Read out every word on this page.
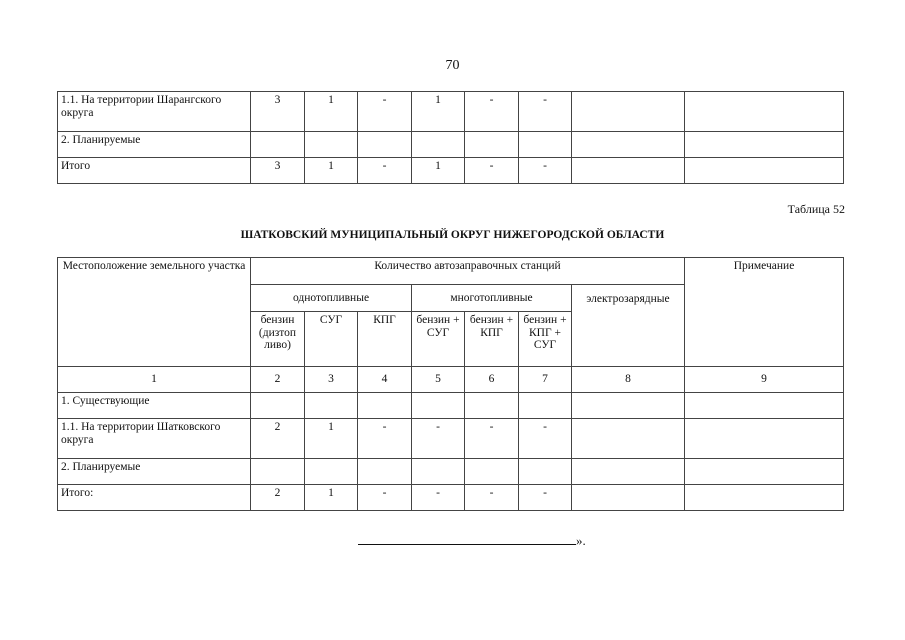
70
1.1. На территории Шарангского округа	3	1	-	1	-	-		
2. Планируемые								
Итого	3	1	-	1	-	-		
Таблица 52
ШАТКОВСКИЙ МУНИЦИПАЛЬНЫЙ ОКРУГ НИЖЕГОРОДСКОЙ ОБЛАСТИ
Местоположение земельного участка	Количество автозаправочных станций							Примечание
	однотопливные			многотопливные			электрозарядные	
	бензин (дизтоп ливо)	СУГ	КПГ	бензин + СУГ	бензин + КПГ	бензин + КПГ + СУГ		
1	2	3	4	5	6	7	8	9
1. Существующие								
1.1. На территории Шатковского округа	2	1	-	-	-	-		
2. Планируемые								
Итого:	2	1	-	-	-	-		
».
